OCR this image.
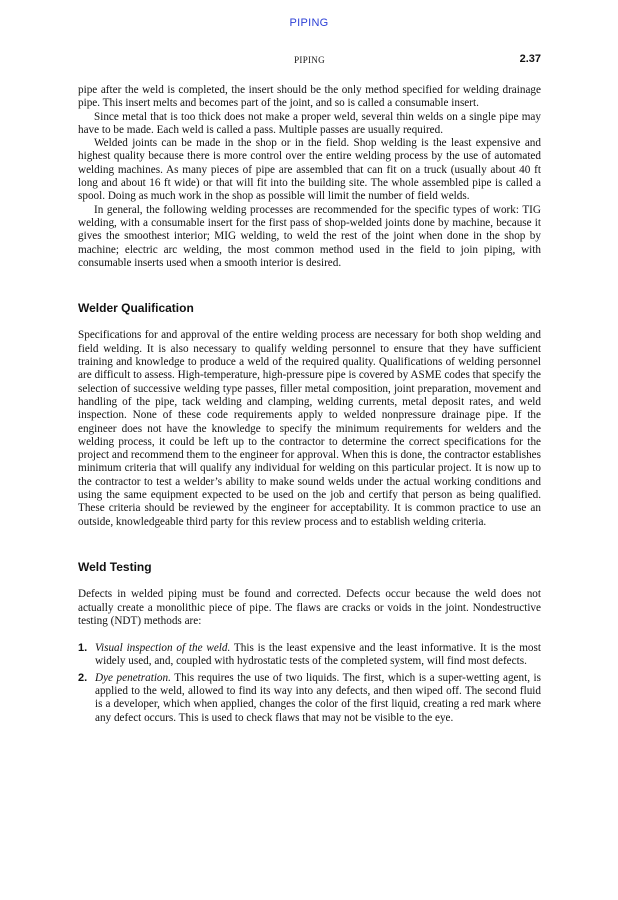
PIPING
PIPING	2.37

pipe after the weld is completed, the insert should be the only method specified for welding drainage pipe. This insert melts and becomes part of the joint, and so is called a consumable insert.

Since metal that is too thick does not make a proper weld, several thin welds on a single pipe may have to be made. Each weld is called a pass. Multiple passes are usually required.

Welded joints can be made in the shop or in the field. Shop welding is the least expensive and highest quality because there is more control over the entire welding process by the use of automated welding machines. As many pieces of pipe are assembled that can fit on a truck (usually about 40 ft long and about 16 ft wide) or that will fit into the building site. The whole assembled pipe is called a spool. Doing as much work in the shop as possible will limit the number of field welds.

In general, the following welding processes are recommended for the specific types of work: TIG welding, with a consumable insert for the first pass of shop-welded joints done by machine, because it gives the smoothest interior; MIG welding, to weld the rest of the joint when done in the shop by machine; electric arc welding, the most common method used in the field to join piping, with consumable inserts used when a smooth interior is desired.

Welder Qualification

Specifications for and approval of the entire welding process are necessary for both shop welding and field welding. It is also necessary to qualify welding personnel to ensure that they have sufficient training and knowledge to produce a weld of the required quality. Qualifications of welding personnel are difficult to assess. High-temperature, high-pressure pipe is covered by ASME codes that specify the selection of successive welding type passes, filler metal composition, joint preparation, movement and handling of the pipe, tack welding and clamping, welding currents, metal deposit rates, and weld inspection. None of these code requirements apply to welded nonpressure drainage pipe. If the engineer does not have the knowledge to specify the minimum requirements for welders and the welding process, it could be left up to the contractor to determine the correct specifications for the project and recommend them to the engineer for approval. When this is done, the contractor establishes minimum criteria that will qualify any individual for welding on this particular project. It is now up to the contractor to test a welder’s ability to make sound welds under the actual working conditions and using the same equipment expected to be used on the job and certify that person as being qualified. These criteria should be reviewed by the engineer for acceptability. It is common practice to use an outside, knowledgeable third party for this review process and to establish welding criteria.

Weld Testing

Defects in welded piping must be found and corrected. Defects occur because the weld does not actually create a monolithic piece of pipe. The flaws are cracks or voids in the joint. Nondestructive testing (NDT) methods are:

1. Visual inspection of the weld. This is the least expensive and the least informative. It is the most widely used, and, coupled with hydrostatic tests of the completed system, will find most defects.
2. Dye penetration. This requires the use of two liquids. The first, which is a super-wetting agent, is applied to the weld, allowed to find its way into any defects, and then wiped off. The second fluid is a developer, which when applied, changes the color of the first liquid, creating a red mark where any defect occurs. This is used to check flaws that may not be visible to the eye.
